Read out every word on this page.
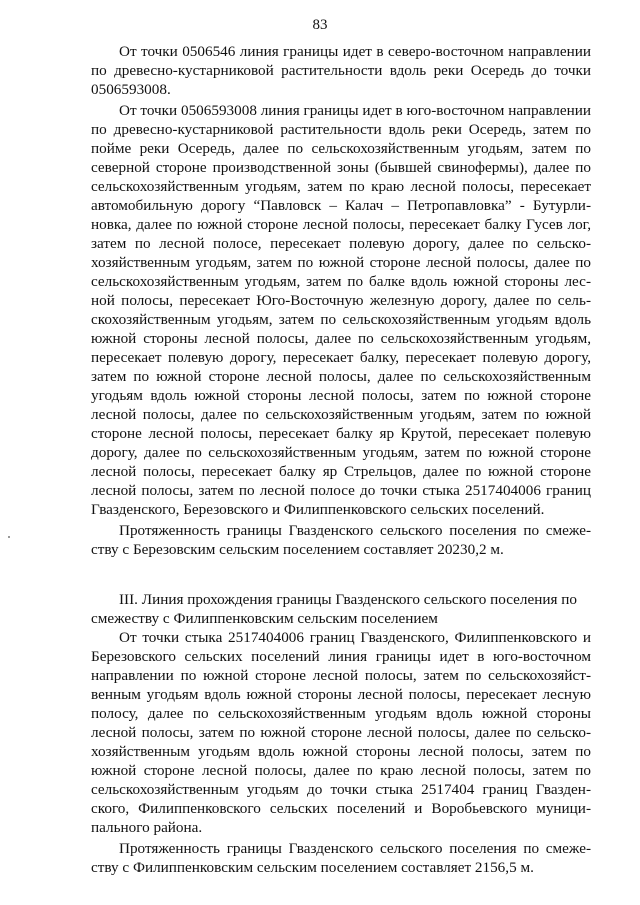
83

От точки 0506546 линия границы идет в северо-восточном направлении по древесно-кустарниковой растительности вдоль реки Осередь до точки 0506593008.

От точки 0506593008 линия границы идет в юго-восточном направлении по древесно-кустарниковой растительности вдоль реки Осередь, затем по пойме реки Осередь, далее по сельскохозяйственным угодьям, затем по северной стороне производственной зоны (бывшей свинофермы), далее по сельскохозяйственным угодьям, затем по краю лесной полосы, пересекает автомобильную дорогу “Павловск – Калач – Петропавловка” - Бутурлиновка, далее по южной стороне лесной полосы, пересекает балку Гусев лог, затем по лесной полосе, пересекает полевую дорогу, далее по сельскохозяйственным угодьям, затем по южной стороне лесной полосы, далее по сельскохозяйственным угодьям, затем по балке вдоль южной стороны лесной полосы, пересекает Юго-Восточную железную дорогу, далее по сельскохозяйственным угодьям, затем по сельскохозяйственным угодьям вдоль южной стороны лесной полосы, далее по сельскохозяйственным угодьям, пересекает полевую дорогу, пересекает балку, пересекает полевую дорогу, затем по южной стороне лесной полосы, далее по сельскохозяйственным угодьям вдоль южной стороны лесной полосы, затем по южной стороне лесной полосы, далее по сельскохозяйственным угодьям, затем по южной стороне лесной полосы, пересекает балку яр Крутой, пересекает полевую дорогу, далее по сельскохозяйственным угодьям, затем по южной стороне лесной полосы, пересекает балку яр Стрельцов, далее по южной стороне лесной полосы, затем по лесной полосе до точки стыка 2517404006 границ Гвазденского, Березовского и Филиппенковского сельских поселений.

Протяженность границы Гвазденского сельского поселения по смежеству с Березовским сельским поселением составляет 20230,2 м.

III. Линия прохождения границы Гвазденского сельского поселения по смежеству с Филиппенковским сельским поселением

От точки стыка 2517404006 границ Гвазденского, Филиппенковского и Березовского сельских поселений линия границы идет в юго-восточном направлении по южной стороне лесной полосы, затем по сельскохозяйственным угодьям вдоль южной стороны лесной полосы, пересекает лесную полосу, далее по сельскохозяйственным угодьям вдоль южной стороны лесной полосы, затем по южной стороне лесной полосы, далее по сельскохозяйственным угодьям вдоль южной стороны лесной полосы, затем по южной стороне лесной полосы, далее по краю лесной полосы, затем по сельскохозяйственным угодьям до точки стыка 2517404 границ Гвазденского, Филиппенковского сельских поселений и Воробьевского муниципального района.

Протяженность границы Гвазденского сельского поселения по смежеству с Филиппенковским сельским поселением составляет 2156,5 м.
